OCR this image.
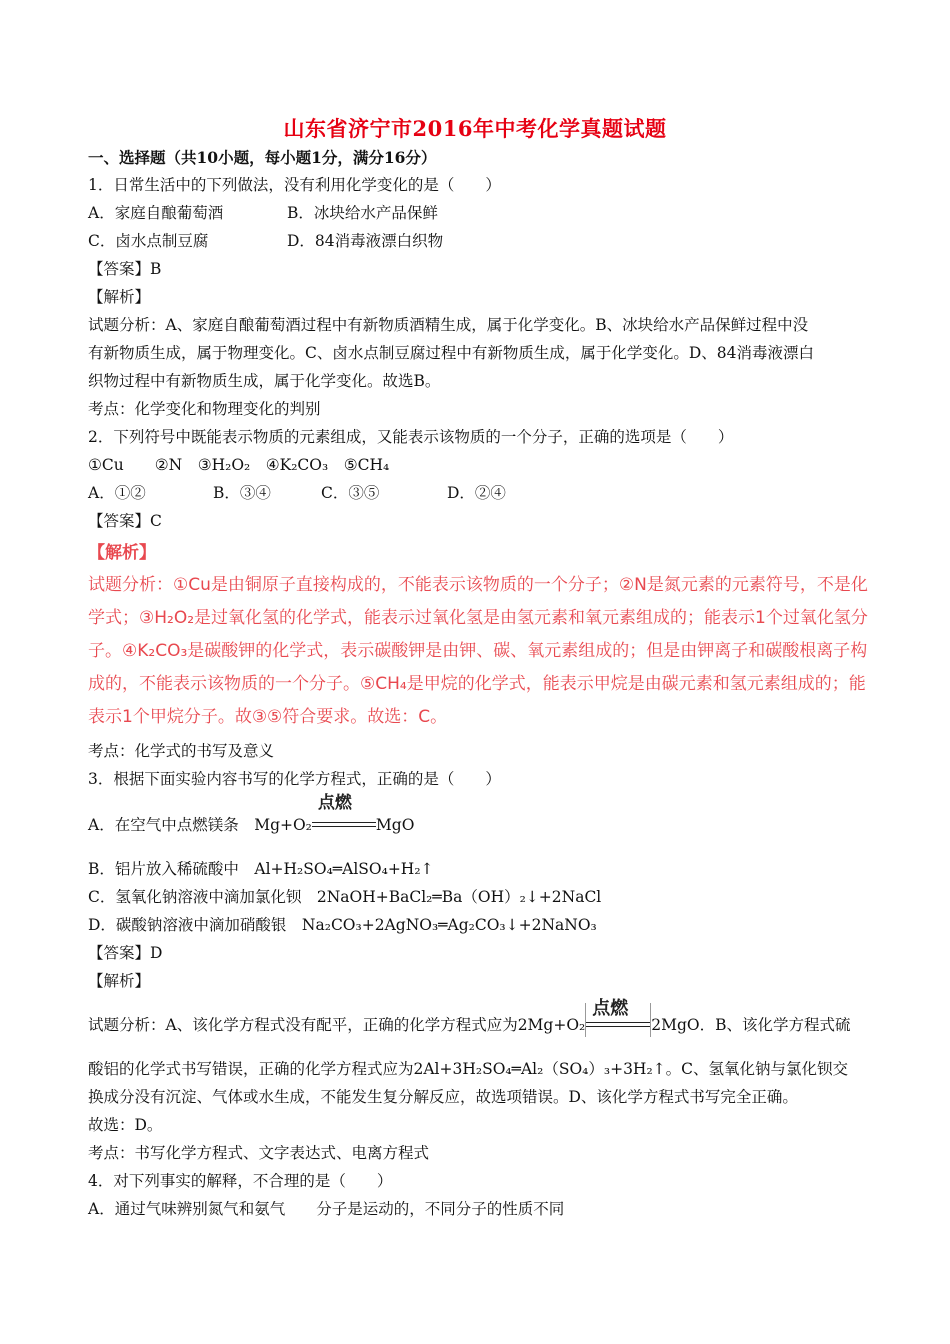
山东省济宁市2016年中考化学真题试题
一、选择题（共10小题，每小题1分，满分16分）
1．日常生活中的下列做法，没有利用化学变化的是（　　）
A．家庭自酿葡萄酒	B．冰块给水产品保鲜
C．卤水点制豆腐	D．84消毒液漂白织物
【答案】B
【解析】
试题分析：A、家庭自酿葡萄酒过程中有新物质酒精生成，属于化学变化。B、冰块给水产品保鲜过程中没
有新物质生成，属于物理变化。C、卤水点制豆腐过程中有新物质生成，属于化学变化。D、84消毒液漂白
织物过程中有新物质生成，属于化学变化。故选B。
考点：化学变化和物理变化的判别
2．下列符号中既能表示物质的元素组成，又能表示该物质的一个分子，正确的选项是（　　）
①Cu　　②N　③H₂O₂　④K₂CO₃　⑤CH₄
A．①②	B．③④	C．③⑤	D．②④
【答案】C
【解析】
试题分析：①Cu是由铜原子直接构成的，不能表示该物质的一个分子；②N是氮元素的元素符号，不是化
学式；③H₂O₂是过氧化氢的化学式，能表示过氧化氢是由氢元素和氧元素组成的；能表示1个过氧化氢分
子。④K₂CO₃是碳酸钾的化学式，表示碳酸钾是由钾、碳、氧元素组成的；但是由钾离子和碳酸根离子构
成的，不能表示该物质的一个分子。⑤CH₄是甲烷的化学式，能表示甲烷是由碳元素和氢元素组成的；能
表示1个甲烷分子。故③⑤符合要求。故选：C。
考点：化学式的书写及意义
3．根据下面实验内容书写的化学方程式，正确的是（　　）
A．在空气中点燃镁条　Mg+O₂
点燃
MgO
B．铝片放入稀硫酸中　Al+H₂SO₄═AlSO₄+H₂↑
C．氢氧化钠溶液中滴加氯化钡　2NaOH+BaCl₂═Ba（OH）₂↓+2NaCl
D．碳酸钠溶液中滴加硝酸银　Na₂CO₃+2AgNO₃═Ag₂CO₃↓+2NaNO₃
【答案】D
【解析】
试题分析：A、该化学方程式没有配平，正确的化学方程式应为2Mg+O₂
点燃
2MgO．B、该化学方程式硫
酸铝的化学式书写错误，正确的化学方程式应为2Al+3H₂SO₄═Al₂（SO₄）₃+3H₂↑。C、氢氧化钠与氯化钡交
换成分没有沉淀、气体或水生成，不能发生复分解反应，故选项错误。D、该化学方程式书写完全正确。
故选：D。
考点：书写化学方程式、文字表达式、电离方程式
4．对下列事实的解释，不合理的是（　　）
A．通过气味辨别氮气和氨气　　分子是运动的，不同分子的性质不同
